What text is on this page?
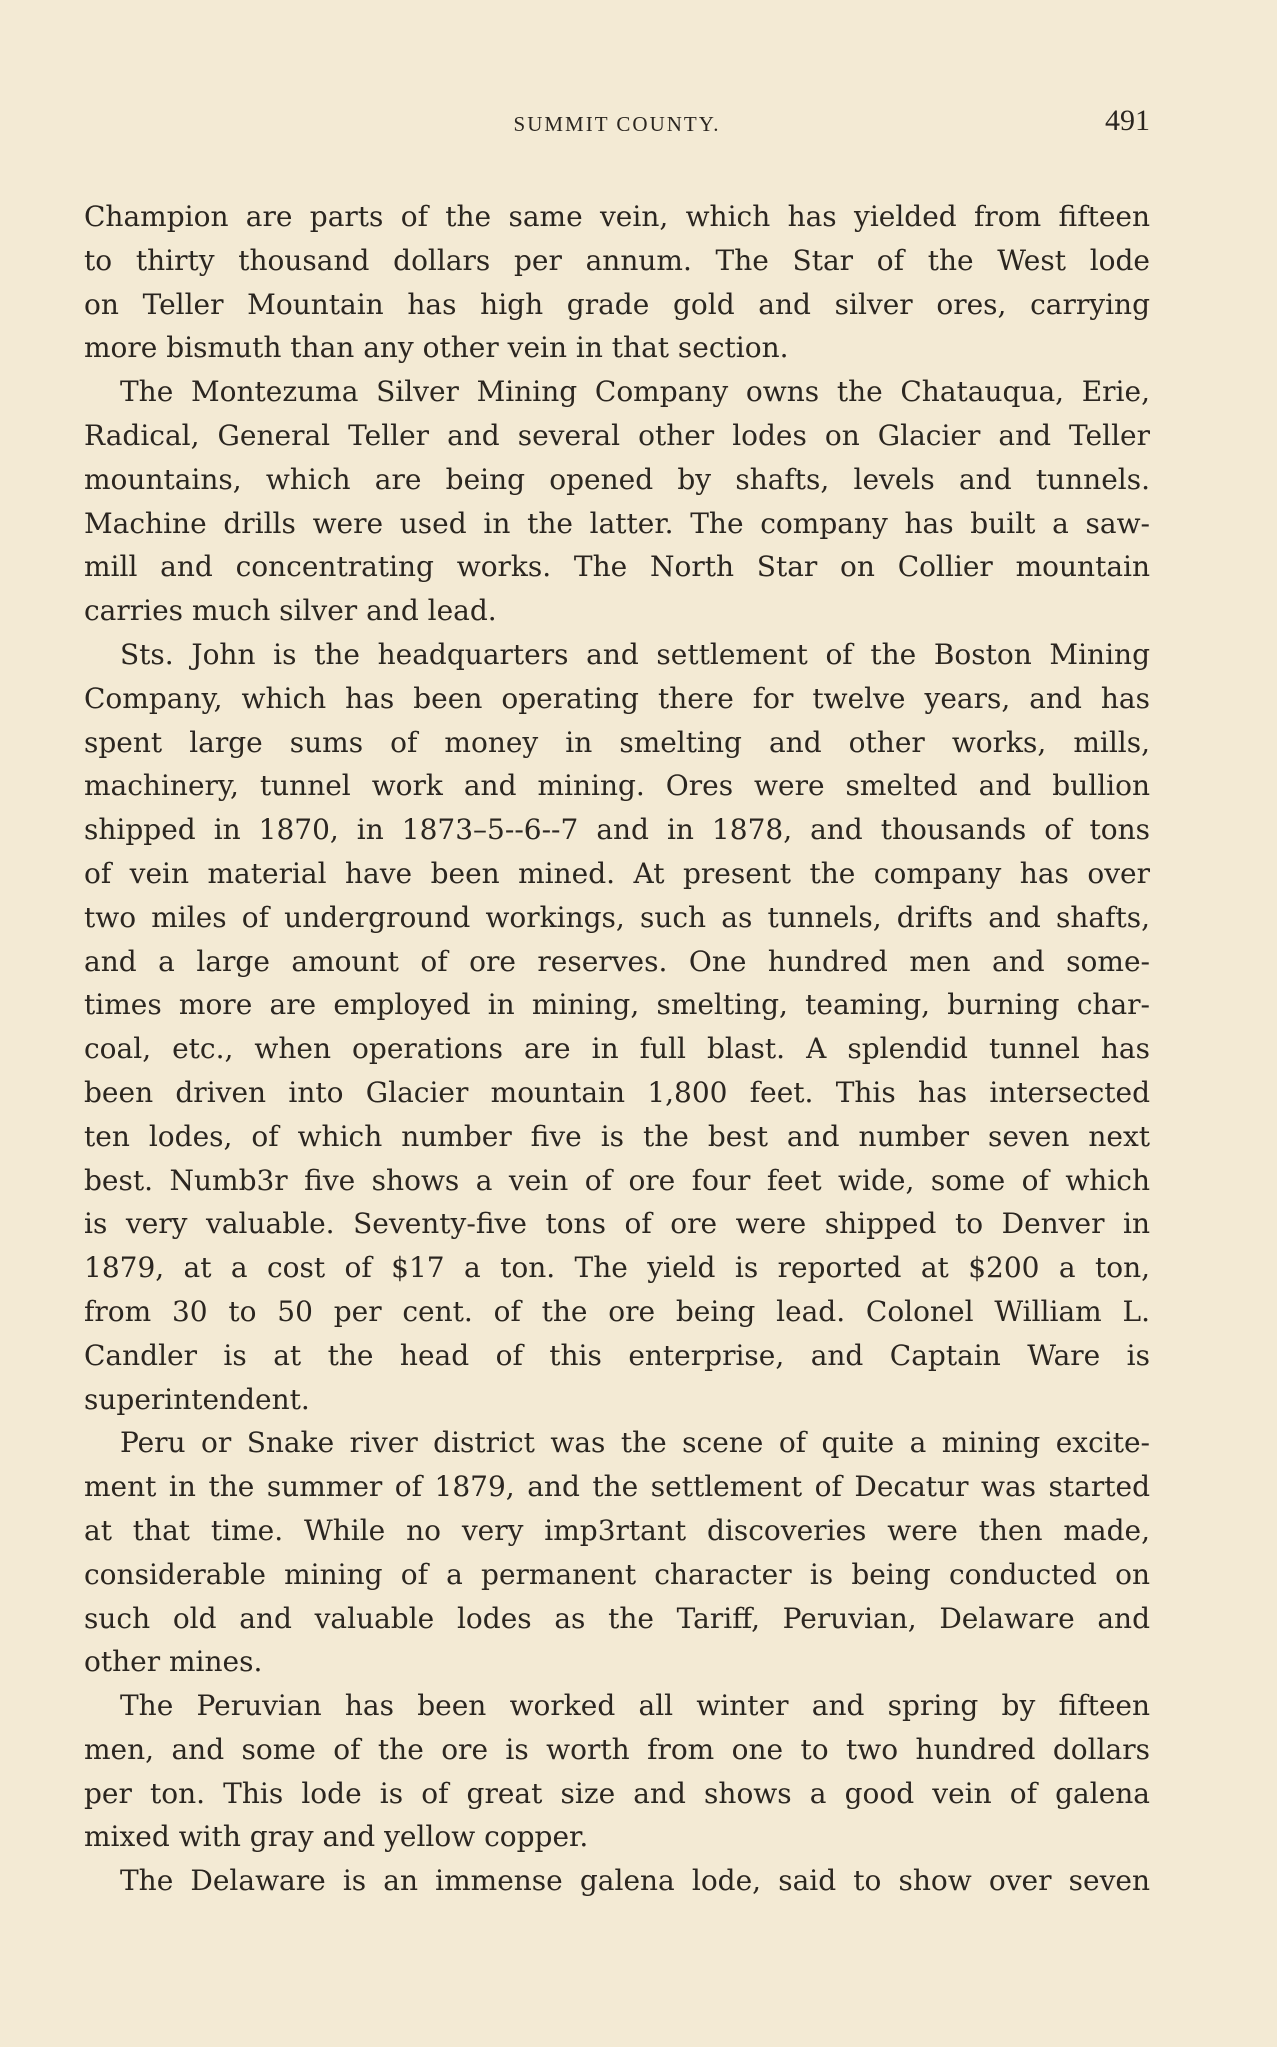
SUMMIT COUNTY.	491
Champion are parts of the same vein, which has yielded from fifteen
to thirty thousand dollars per annum. The Star of the West lode
on Teller Mountain has high grade gold and silver ores, carrying
more bismuth than any other vein in that section.
The Montezuma Silver Mining Company owns the Chatauqua, Erie,
Radical, General Teller and several other lodes on Glacier and Teller
mountains, which are being opened by shafts, levels and tunnels.
Machine drills were used in the latter. The company has built a saw-
mill and concentrating works. The North Star on Collier mountain
carries much silver and lead.
Sts. John is the headquarters and settlement of the Boston Mining
Company, which has been operating there for twelve years, and has
spent large sums of money in smelting and other works, mills,
machinery, tunnel work and mining. Ores were smelted and bullion
shipped in 1870, in 1873–5--6--7 and in 1878, and thousands of tons
of vein material have been mined. At present the company has over
two miles of underground workings, such as tunnels, drifts and shafts,
and a large amount of ore reserves. One hundred men and some-
times more are employed in mining, smelting, teaming, burning char-
coal, etc., when operations are in full blast. A splendid tunnel has
been driven into Glacier mountain 1,800 feet. This has intersected
ten lodes, of which number five is the best and number seven next
best. Numb3r five shows a vein of ore four feet wide, some of which
is very valuable. Seventy-five tons of ore were shipped to Denver in
1879, at a cost of $17 a ton. The yield is reported at $200 a ton,
from 30 to 50 per cent. of the ore being lead. Colonel William L.
Candler is at the head of this enterprise, and Captain Ware is
superintendent.
Peru or Snake river district was the scene of quite a mining excite-
ment in the summer of 1879, and the settlement of Decatur was started
at that time. While no very imp3rtant discoveries were then made,
considerable mining of a permanent character is being conducted on
such old and valuable lodes as the Tariff, Peruvian, Delaware and
other mines.
The Peruvian has been worked all winter and spring by fifteen
men, and some of the ore is worth from one to two hundred dollars
per ton. This lode is of great size and shows a good vein of galena
mixed with gray and yellow copper.
The Delaware is an immense galena lode, said to show over seven
